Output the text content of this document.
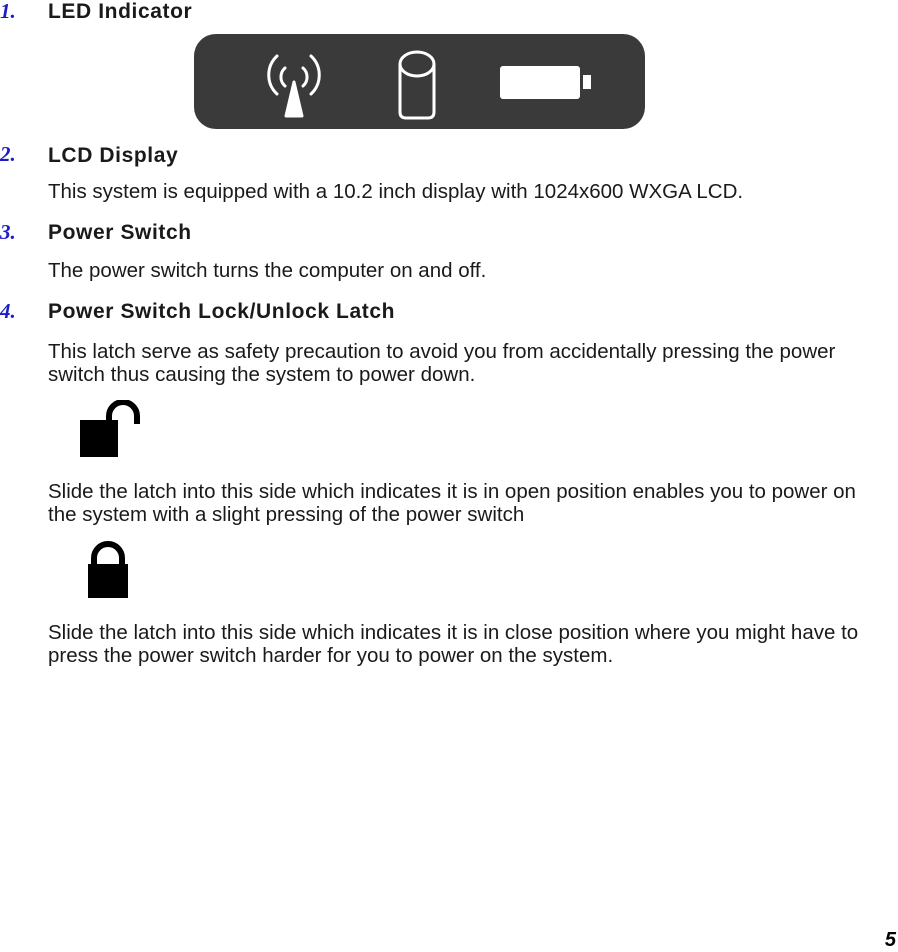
1. LED Indicator
2. LCD Display

This system is equipped with a 10.2 inch display with 1024x600 WXGA LCD.

3. Power Switch

The power switch turns the computer on and off.

4. Power Switch Lock/Unlock Latch

This latch serve as safety precaution to avoid you from accidentally pressing the power switch thus causing the system to power down.

Slide the latch into this side which indicates it is in open position enables you to power on the system with a slight pressing of the power switch

Slide the latch into this side which indicates it is in close position where you might have to press the power switch harder for you to power on the system.

5
